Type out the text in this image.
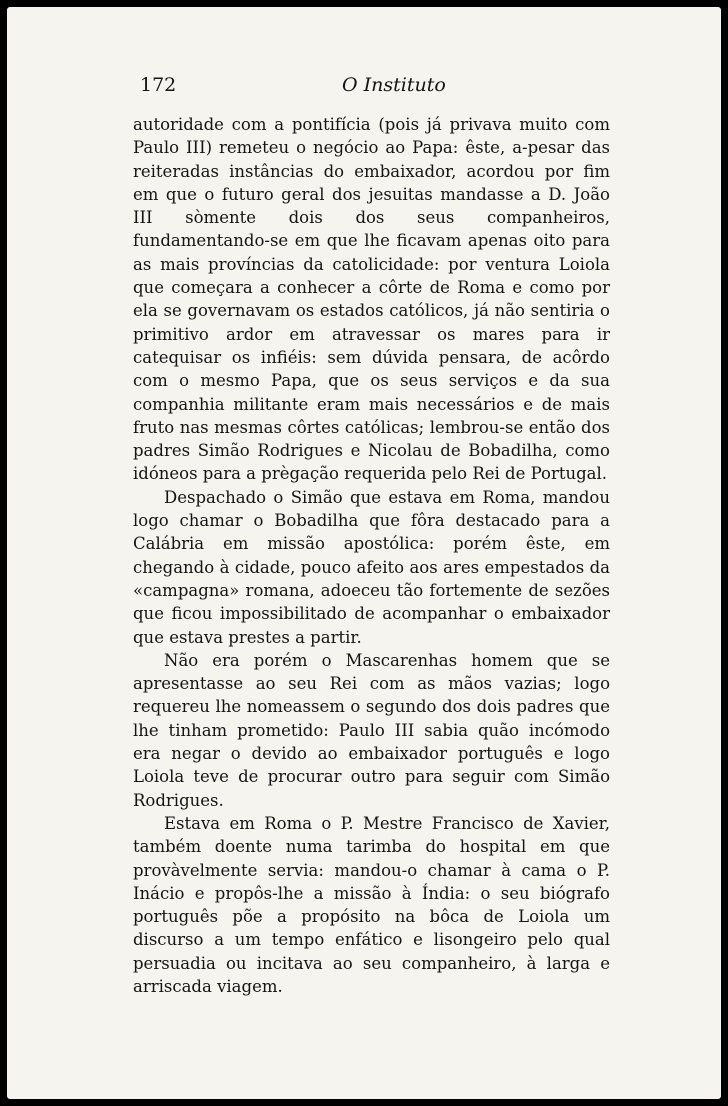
172	O Instituto

autoridade com a pontifícia (pois já privava muito com Paulo III) remeteu o negócio ao Papa: êste, a-pesar das reiteradas instâncias do embaixador, acordou por fim em que o futuro geral dos jesuitas mandasse a D. João III sòmente dois dos seus companheiros, fundamentando-se em que lhe ficavam apenas oito para as mais províncias da catolicidade: por ventura Loiola que começara a conhecer a côrte de Roma e como por ela se governavam os estados católicos, já não sentiria o primitivo ardor em atravessar os mares para ir catequisar os infiéis: sem dúvida pensara, de acôrdo com o mesmo Papa, que os seus serviços e da sua companhia militante eram mais necessários e de mais fruto nas mesmas côrtes católicas; lembrou-se então dos padres Simão Rodrigues e Nicolau de Bobadilha, como idóneos para a prègação requerida pelo Rei de Portugal.

Despachado o Simão que estava em Roma, mandou logo chamar o Bobadilha que fôra destacado para a Calábria em missão apostólica: porém êste, em chegando à cidade, pouco afeito aos ares empestados da «campagna» romana, adoeceu tão fortemente de sezões que ficou impossibilitado de acompanhar o embaixador que estava prestes a partir.

Não era porém o Mascarenhas homem que se apresentasse ao seu Rei com as mãos vazias; logo requereu lhe nomeassem o segundo dos dois padres que lhe tinham prometido: Paulo III sabia quão incómodo era negar o devido ao embaixador português e logo Loiola teve de procurar outro para seguir com Simão Rodrigues.

Estava em Roma o P. Mestre Francisco de Xavier, também doente numa tarimba do hospital em que provàvelmente servia: mandou-o chamar à cama o P. Inácio e propôs-lhe a missão à Índia: o seu biógrafo português põe a propósito na bôca de Loiola um discurso a um tempo enfático e lisongeiro pelo qual persuadia ou incitava ao seu companheiro, à larga e arriscada viagem.
